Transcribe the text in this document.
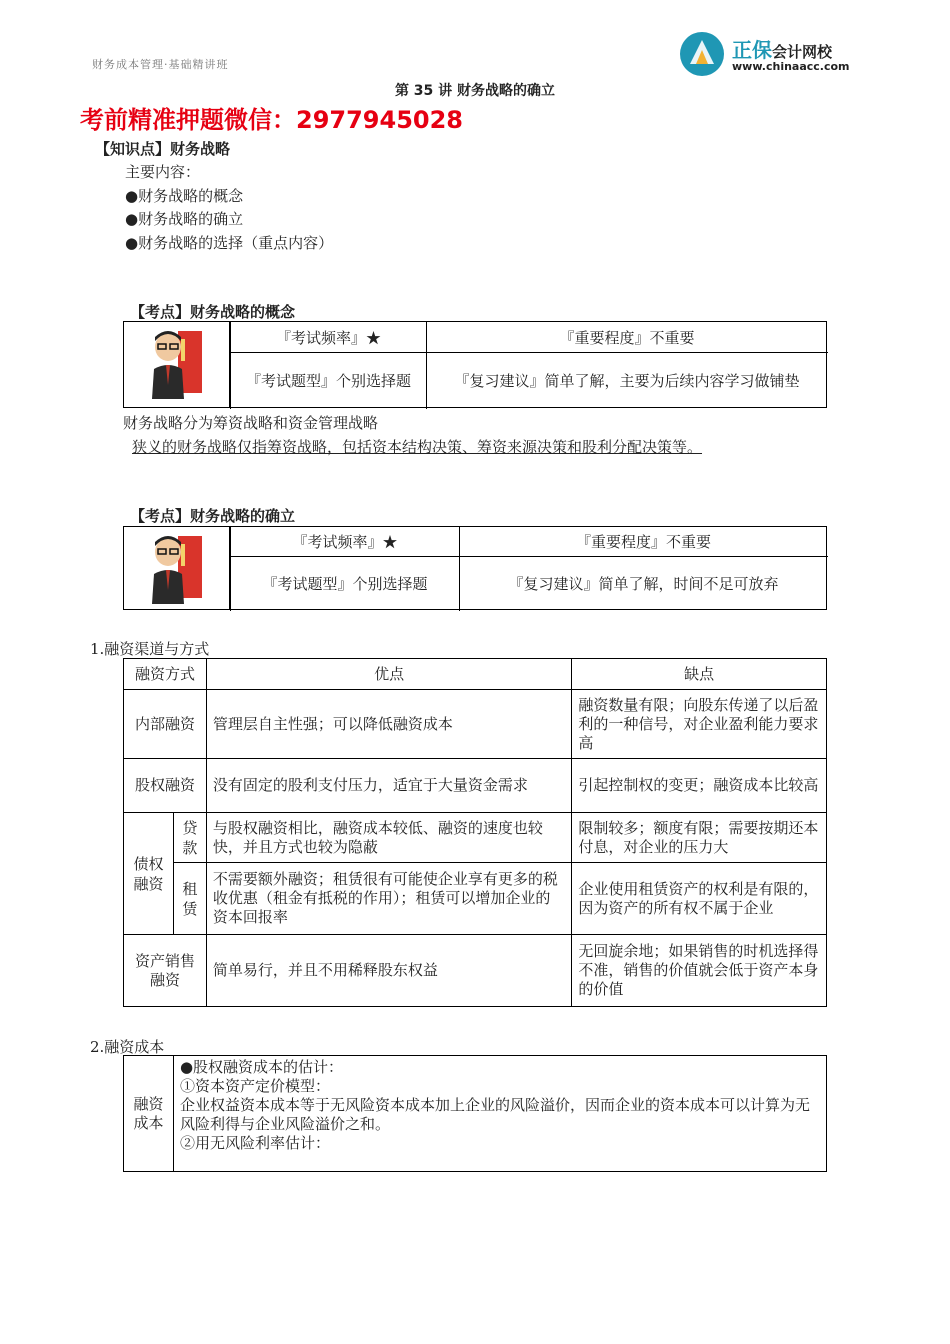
财务成本管理·基础精讲班
正保会计网校
www.chinaacc.com
第 35 讲 财务战略的确立
考前精准押题微信：2977945028
【知识点】财务战略
主要内容：
●财务战略的概念
●财务战略的确立
●财务战略的选择（重点内容）
【考点】财务战略的概念
『考试频率』★	『重要程度』不重要
『考试题型』个别选择题	『复习建议』简单了解，主要为后续内容学习做铺垫
财务战略分为筹资战略和资金管理战略
狭义的财务战略仅指筹资战略，包括资本结构决策、筹资来源决策和股利分配决策等。
【考点】财务战略的确立
『考试频率』★	『重要程度』不重要
『考试题型』个别选择题	『复习建议』简单了解，时间不足可放弃
1.融资渠道与方式
融资方式		优点	缺点
内部融资		管理层自主性强；可以降低融资成本	融资数量有限；向股东传递了以后盈利的一种信号，对企业盈利能力要求高
股权融资		没有固定的股利支付压力，适宜于大量资金需求	引起控制权的变更；融资成本比较高
债权融资	贷款	与股权融资相比，融资成本较低、融资的速度也较快，并且方式也较为隐蔽	限制较多；额度有限；需要按期还本付息，对企业的压力大
	租赁	不需要额外融资；租赁很有可能使企业享有更多的税收优惠（租金有抵税的作用）；租赁可以增加企业的资本回报率	企业使用租赁资产的权利是有限的，因为资产的所有权不属于企业
资产销售融资		简单易行，并且不用稀释股东权益	无回旋余地；如果销售的时机选择得不准，销售的价值就会低于资产本身的价值
2.融资成本
融资成本	
●股权融资成本的估计：
①资本资产定价模型：
企业权益资本成本等于无风险资本成本加上企业的风险溢价，因而企业的资本成本可以计算为无风险利得与企业风险溢价之和。
②用无风险利率估计：
